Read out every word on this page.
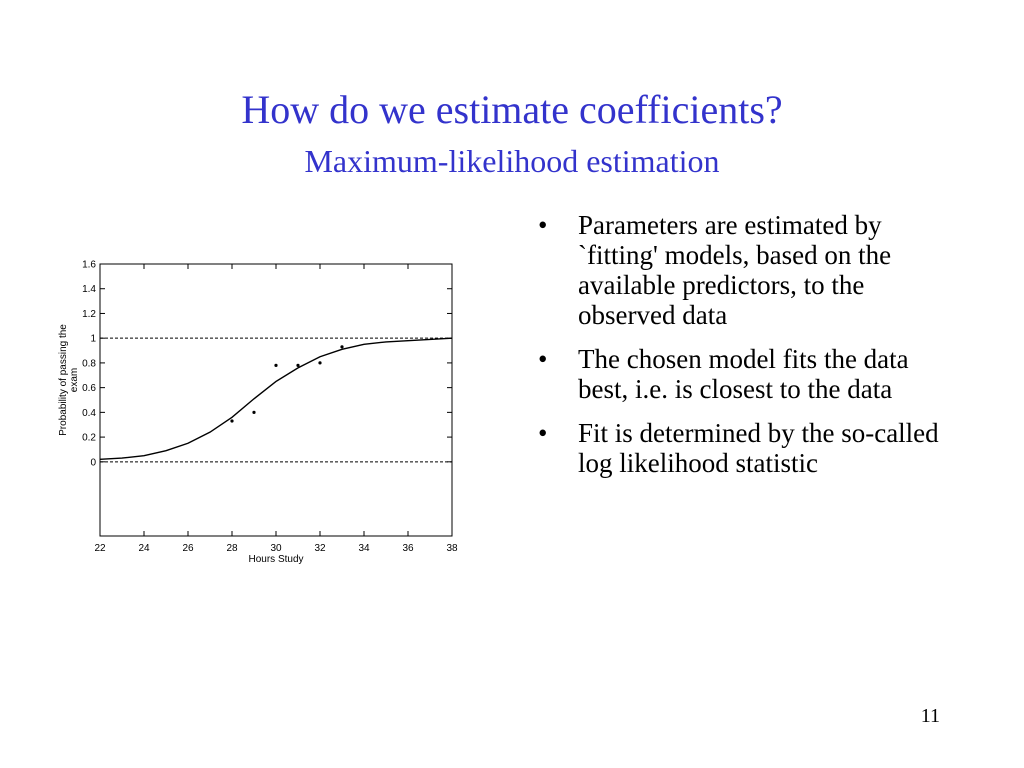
How do we estimate coefficients?
Maximum-likelihood estimation
22	24	26	28	30	32	34	36	38
0
0.2
0.4
0.6
0.8
1
1.2
1.4
1.6
Hours Study
Probability of passing theexam
• Parameters are estimated by `fitting' models, based on the available predictors, to the observed data
• The chosen model fits the data best, i.e. is closest to the data
• Fit is determined by the so-called log likelihood statistic
11
